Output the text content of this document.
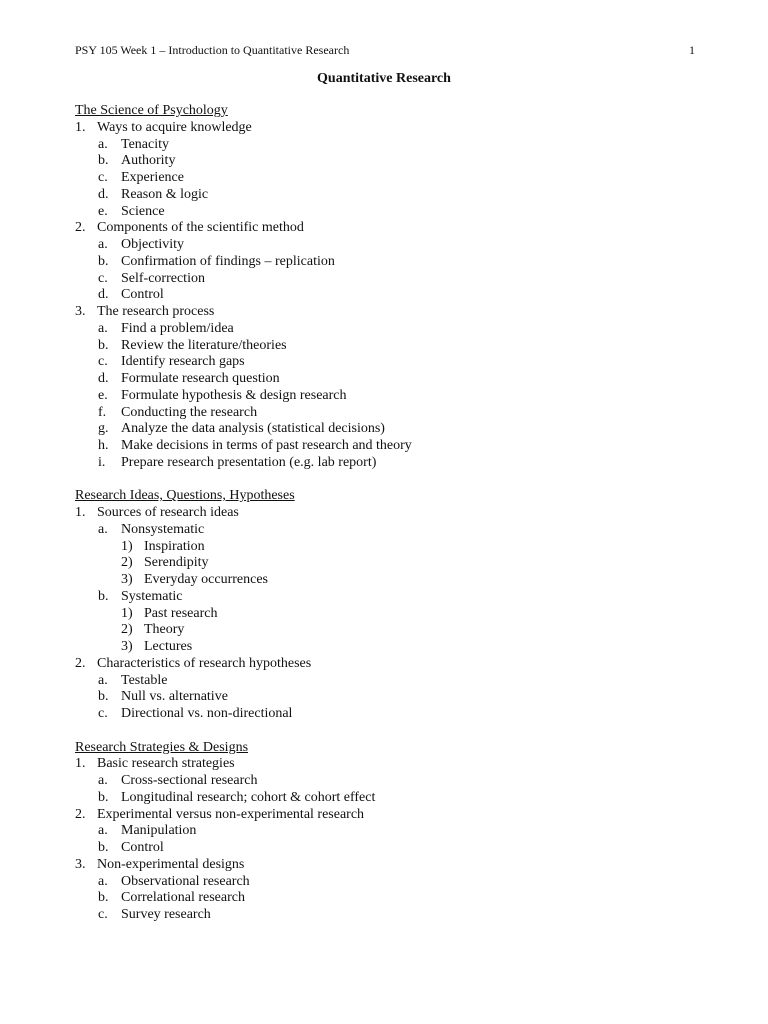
PSY 105 Week 1 – Introduction to Quantitative Research	1
Quantitative Research
The Science of Psychology
1. Ways to acquire knowledge
a. Tenacity
b. Authority
c. Experience
d. Reason & logic
e. Science
2. Components of the scientific method
a. Objectivity
b. Confirmation of findings – replication
c. Self-correction
d. Control
3. The research process
a. Find a problem/idea
b. Review the literature/theories
c. Identify research gaps
d. Formulate research question
e. Formulate hypothesis & design research
f. Conducting the research
g. Analyze the data analysis (statistical decisions)
h. Make decisions in terms of past research and theory
i. Prepare research presentation (e.g. lab report)
Research Ideas, Questions, Hypotheses
1. Sources of research ideas
a. Nonsystematic
1) Inspiration
2) Serendipity
3) Everyday occurrences
b. Systematic
1) Past research
2) Theory
3) Lectures
2. Characteristics of research hypotheses
a. Testable
b. Null vs. alternative
c. Directional vs. non-directional
Research Strategies & Designs
1. Basic research strategies
a. Cross-sectional research
b. Longitudinal research; cohort & cohort effect
2. Experimental versus non-experimental research
a. Manipulation
b. Control
3. Non-experimental designs
a. Observational research
b. Correlational research
c. Survey research
